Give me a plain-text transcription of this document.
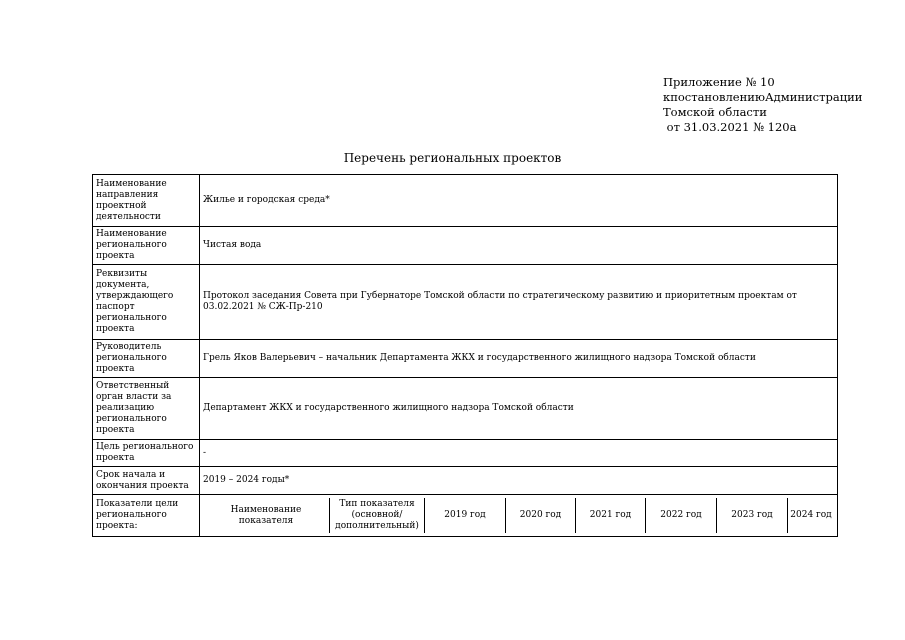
Приложение № 10
к постановлению Администрации
Томской области
от 31.03.2021 № 120а
Перечень региональных проектов
Наименование направления проектной деятельности	Жилье и городская среда*
Наименование регионального проекта	Чистая вода
Реквизиты документа, утверждающего паспорт регионального проекта	Протокол заседания Совета при Губернаторе Томской области по стратегическому развитию и приоритетным проектам от 03.02.2021 № СЖ-Пр-210
Руководитель регионального проекта	Грель Яков Валерьевич – начальник Департамента ЖКХ и государственного жилищного надзора Томской области
Ответственный орган власти за реализацию регионального проекта	Департамент ЖКХ и государственного жилищного надзора Томской области
Цель регионального проекта	-
Срок начала и окончания проекта	2019 – 2024 годы*
Показатели цели регионального проекта:	
Наименование показателя	Тип показателя (основной/ дополнительный)	2019 год	2020 год	2021 год	2022 год	2023 год	2024 год
